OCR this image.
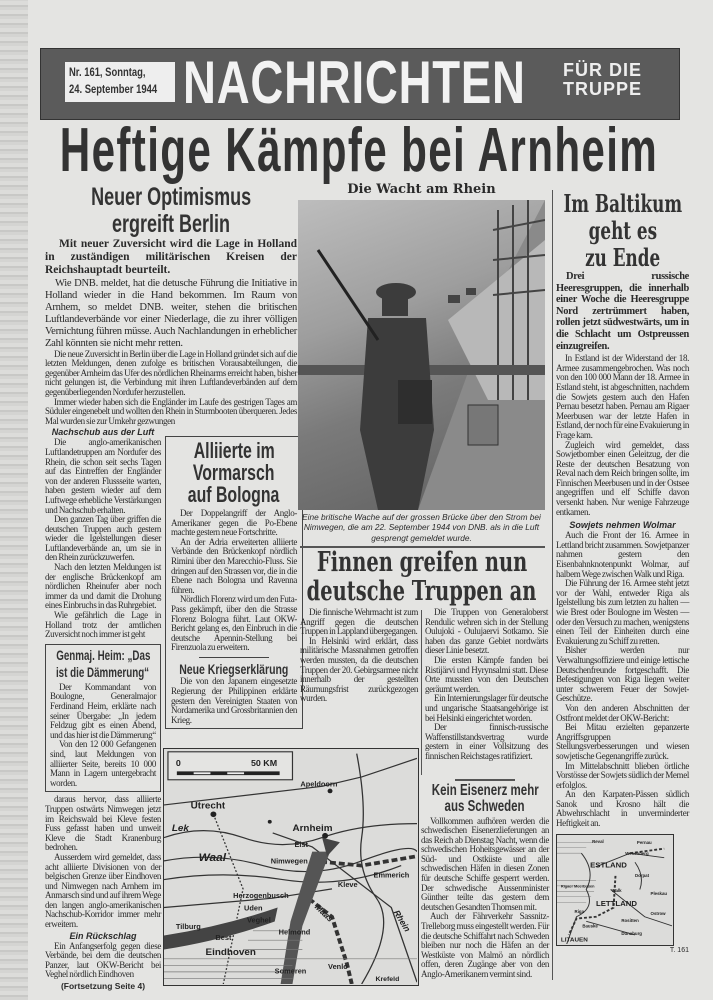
Nr. 161, Sonntag,
24. September 1944 NACHRICHTEN FÜR DIE
TRUPPE
Heftige Kämpfe bei Arnheim
Neuer Optimismus
ergreift Berlin
Mit neuer Zuversicht wird die Lage in Holland in zuständigen militärischen Kreisen der Reichshauptadt beurteilt.

Wie DNB. meldet, hat die detusche Führung die Initiative in Holland wieder in die Hand bekommen. Im Raum von Arnhem, so meldet DNB. weiter, stehen die britischen Luftlandeverbände vor einer Niederlage, die zu ihrer völligen Vernichtung führen müsse. Auch Nachlandungen in erheblicher Zahl könnten sie nicht mehr retten.

Die neue Zuversicht in Berlin über die Lage in Holland gründet sich auf die letzten Meldungen, denen zufolge es britischen Vorausabteilungen, die gegenüber Arnheim das Ufer des nördlichen Rheinarms erreicht haben, bisher nicht gelungen ist, die Verbindung mit ihren Luftlandeverbänden auf dem gegenüberliegenden Nordufer herzustellen.

Immer wieder haben sich die Engländer im Laufe des gestrigen Tages am Süduler eingenebelt und wollten den Rhein in Sturmbooten überqueren. Jedes Mal wurden sie zur Umkehr gezwungen

Nachschub aus der Luft

Die anglo-amerikanischen Luftlandetruppen am Nordufer des Rhein, die schon seit sechs Tagen auf das Eintreffen der Engländer von der anderen Flussseite warten, haben gestern wieder auf dem Luftwege erhebliche Verstärkungen und Nachschub erhalten.

Den ganzen Tag über griffen die deutschen Truppen auch gestern wieder die Igelstellungen dieser Luftlandeverbände an, um sie in den Rhein zurückzuwerfen.

Nach den letzten Meldungen ist der englische Brückenkopf am nördlichen Rheinufer aber noch immer da und damit die Drohung eines Einbruchs in das Ruhrgebiet.

Wie gefährlich die Lage in Holland trotz der amtlichen Zuversicht noch immer ist geht

Genmaj. Heim: „Das
ist die Dämmerung“

Der Kommandant von Boulogne, Generalmajor Ferdinand Heim, erklärte nach seiner Übergabe: „In jedem Feldzug gibt es einen Abend, und das hier ist die Dämmerung“

Von den 12 000 Gefangenen sind, laut Meldungen von alliierter Seite, bereits 10 000 Mann in Lagern untergebracht worden.

daraus hervor, dass alliierte Truppen ostwärts Nimwegen jetzt im Reichswald bei Kleve festen Fuss gefasst haben und unweit Kleve die Stadt Kranenburg bedrohen.

Ausserdem wird gemeldet, dass acht alliierte Divisionen von der belgischen Grenze über Eindhoven und Nimwegen nach Arnhem im Anmarsch sind und auf ihrem Wege den langen anglo-amerikanischen Nachschub-Korridor immer mehr erweitern.

Ein Rückschlag

Ein Anfangserfolg gegen diese Verbände, bei dem die deutschen Panzer, laut OKW-Bericht bei Veghel nördlich Eindhoven

(Fortsetzung Seite 4)
Alliierte im
Vormarsch
auf Bologna

Der Doppelangriff der Anglo-Amerikaner gegen die Po-Ebene machte gestern neue Fortschritte.

An der Adria erweiterten alliierte Verbände den Brückenkopf nördlich Rimini über den Marecchio-Fluss. Sie dringen auf den Strassen vor, die in die Ebene nach Bologna und Ravenna führen.

Nördlich Florenz wird um den Futa-Pass gekämpft, über den die Strasse Florenz Bologna führt. Laut OKW-Bericht gelang es, den Einbruch in die deutsche Apennin-Stellung bei Firenzuola zu erweitern.

Neue Kriegserklärung

Die von den Japanern eingesetzte Regierung der Philippinen erklärte gestern den Vereinigten Staaten von Nordamerika und Grossbritannien den Krieg.

Die Wacht am Rhein
Eine britische Wache auf der grossen Brücke über den Strom bei Nimwegen, die am 22. September 1944 von DNB. als in die Luft gesprengt gemeldet wurde.
Finnen greifen nun
deutsche Truppen an

Die finnische Wehrmacht ist zum Angriff gegen die deutschen Truppen in Lappland übergegangen.

In Helsinki wird erklärt, dass militärische Massnahmen getroffen werden mussten, da die deutschen Truppen der 20. Gebirgsarmee nicht innerhalb der gestellten Räumungsfrist zurückgezogen wurden.

Die Truppen von Generaloberst Rendulic wehren sich in der Stellung Oulujoki - Oulujaervi Sotkamo. Sie haben das ganze Gebiet nordwärts dieser Linie besetzt.

Die ersten Kämpfe fanden bei Ristijärvi und Hyrynsalmi statt. Diese Orte mussten von den Deutschen geräumt werden.

Ein Internierungslager für deutsche und ungarische Staatsangehörige ist bei Helsinki eingerichtet worden.

Der finnisch-russische Waffenstillstandsvertrag wurde gestern in einer Vollsitzung des finnischen Reichstages ratifiziert.

0	50 KM
Apeldoorn
Utrecht
Lek	Arnheim
Elst
Waal	Nimwegen
Emmerich
Kleve
Herzogenbusch
Uden	Maas
Veghel
Tilburg
Helmond
Best
Rhein
Eindhoven
Someren
Venlo
Krefeld
Kein Eisenerz mehr
aus Schweden

Vollkommen aufhören werden die schwedischen Eisenerzlieferungen an das Reich ab Dienstag Nacht, wenn die schwedischen Hoheitsgewässer an der Süd- und Ostküste und alle schwedischen Häfen in diesen Zonen für deutsche Schiffe gesperrt werden. Der schwedische Aussenminister Günther teilte das gestern dem deutschen Gesandten Thomsen mit.

Auch der Fährverkehr Sassnitz-Trelleborg muss eingestellt werden. Für die deutsche Schiffahrt nach Schweden bleiben nur noch die Häfen an der Westküste von Malmö an nördlich offen, deren Zugänge aber von den Anglo-Amerikanern vermint sind.

Im Baltikum
geht es
zu Ende
Drei russische Heeresgruppen, die innerhalb einer Woche die Heeresgruppe Nord zertrümmert haben, rollen jetzt südwestwärts, um in die Schlacht um Ostpreussen einzugreifen.

In Estland ist der Widerstand der 18. Armee zusammengebrochen. Was noch von den 100 000 Mann der 18. Armee in Estland steht, ist abgeschnitten, nachdem die Sowjets gestern auch den Hafen Pernau besetzt haben. Pernau am Rigaer Meerbusen war der letzte Hafen in Estland, der noch für eine Evakuierung in Frage kam.

Zugleich wird gemeldet, dass Sowjetbomber einen Geleitzug, der die Reste der deutschen Besatzung von Reval nach dem Reich bringen sollte, im Finnischen Meerbusen und in der Ostsee angegriffen und elf Schiffe davon versenkt haben. Nur wenige Fahrzeuge entkamen.

Sowjets nehmen Wolmar

Auch die Front der 16. Armee in Lettland bricht zusammen. Sowjetpanzer nahmen gestern den Eisenbahnknotenpunkt Wolmar, auf halbem Wege zwischen Walk und Riga.

Die Führung der 16. Armee steht jetzt vor der Wahl, entweder Riga als Igelstellung bis zum letzten zu halten — wie Brest oder Boulogne im Westen — oder den Versuch zu machen, wenigstens einen Teil der Einheiten durch eine Evakuierung zu Schiff zu retten.

Bisher werden nur Verwaltungsoffiziere und einige lettische Deutschenfreunde fortgeschafft. Die Befestigungen von Riga liegen weiter unter schwerem Feuer der Sowjet-Geschütze.

Von den anderen Abschnitten der Ostfront meldet der OKW-Bericht:

Bei Mitau erzielten gepanzerte Angriffsgruppen Stellungsverbesserungen und wiesen sowjetische Gegenangriffe zurück.

Im Mittelabschnitt blieben örtliche Vorstösse der Sowjets südlich der Memel erfolglos.

An den Karpaten-Pässen südlich Sanok und Krosno hält die Abwehrschlacht in unverminderter Heftigkeit an.

Reval	Pernau
Wesenberg
ESTLAND
Dorpat
Rigaer Meerbusen
Walk
LETTLAND
Pleskau
Ostrow
Riga
Bauske
Rositten
Dünaburg
LITAUEN
T. 161
